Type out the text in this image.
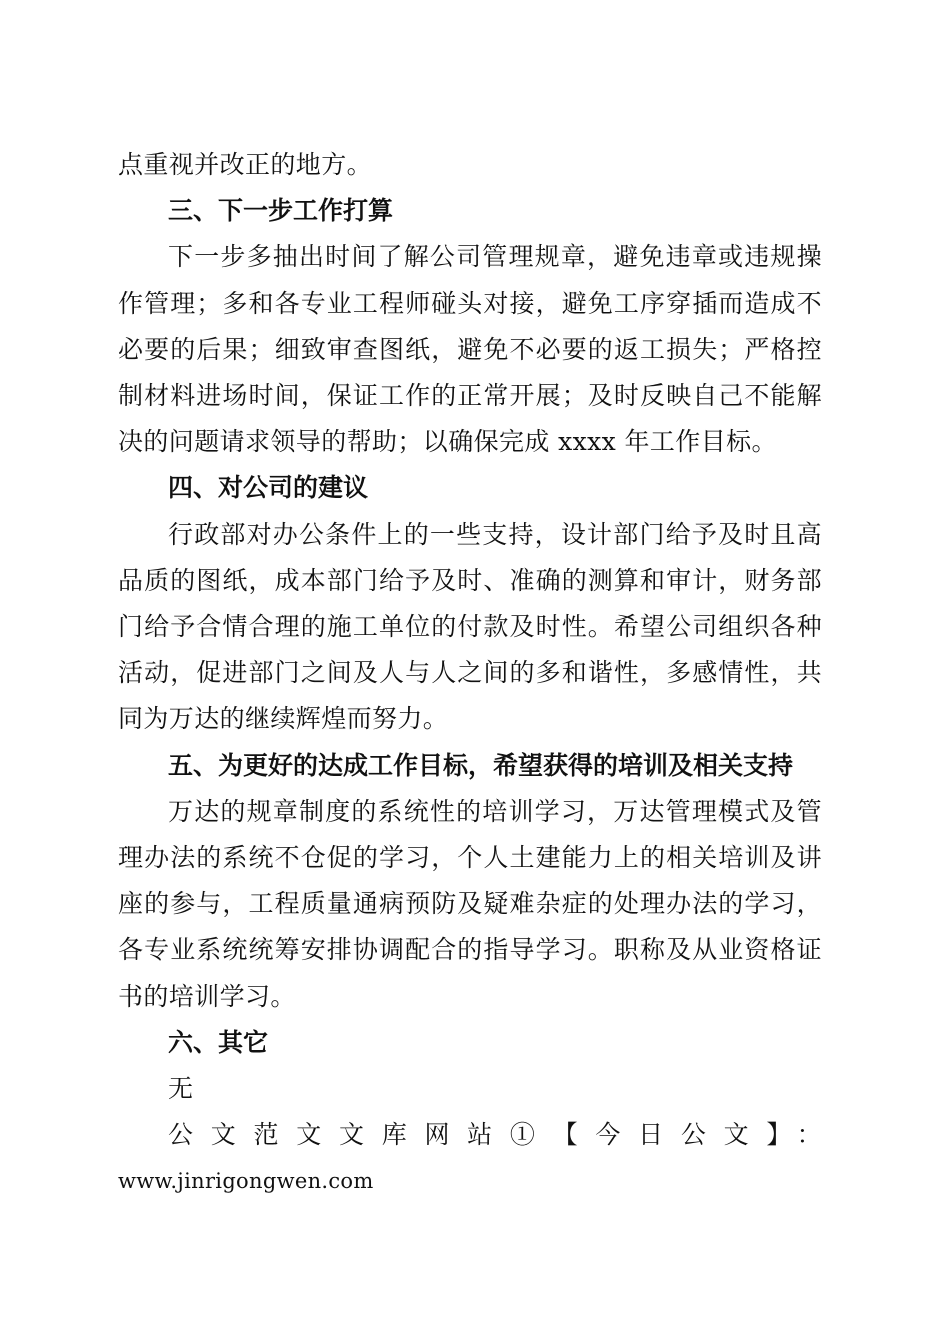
点重视并改正的地方。

三、下一步工作打算

下一步多抽出时间了解公司管理规章，避免违章或违规操作管理；多和各专业工程师碰头对接，避免工序穿插而造成不必要的后果；细致审查图纸，避免不必要的返工损失；严格控制材料进场时间，保证工作的正常开展；及时反映自己不能解决的问题请求领导的帮助；以确保完成 xxxx 年工作目标。

四、对公司的建议

行政部对办公条件上的一些支持，设计部门给予及时且高品质的图纸，成本部门给予及时、准确的测算和审计，财务部门给予合情合理的施工单位的付款及时性。希望公司组织各种活动，促进部门之间及人与人之间的多和谐性，多感情性，共同为万达的继续辉煌而努力。

五、为更好的达成工作目标，希望获得的培训及相关支持

万达的规章制度的系统性的培训学习，万达管理模式及管理办法的系统不仓促的学习，个人土建能力上的相关培训及讲座的参与，工程质量通病预防及疑难杂症的处理办法的学习，各专业系统统筹安排协调配合的指导学习。职称及从业资格证书的培训学习。

六、其它

无

公文范文文库网站①【今日公文】：

www.jinrigongwen.com
